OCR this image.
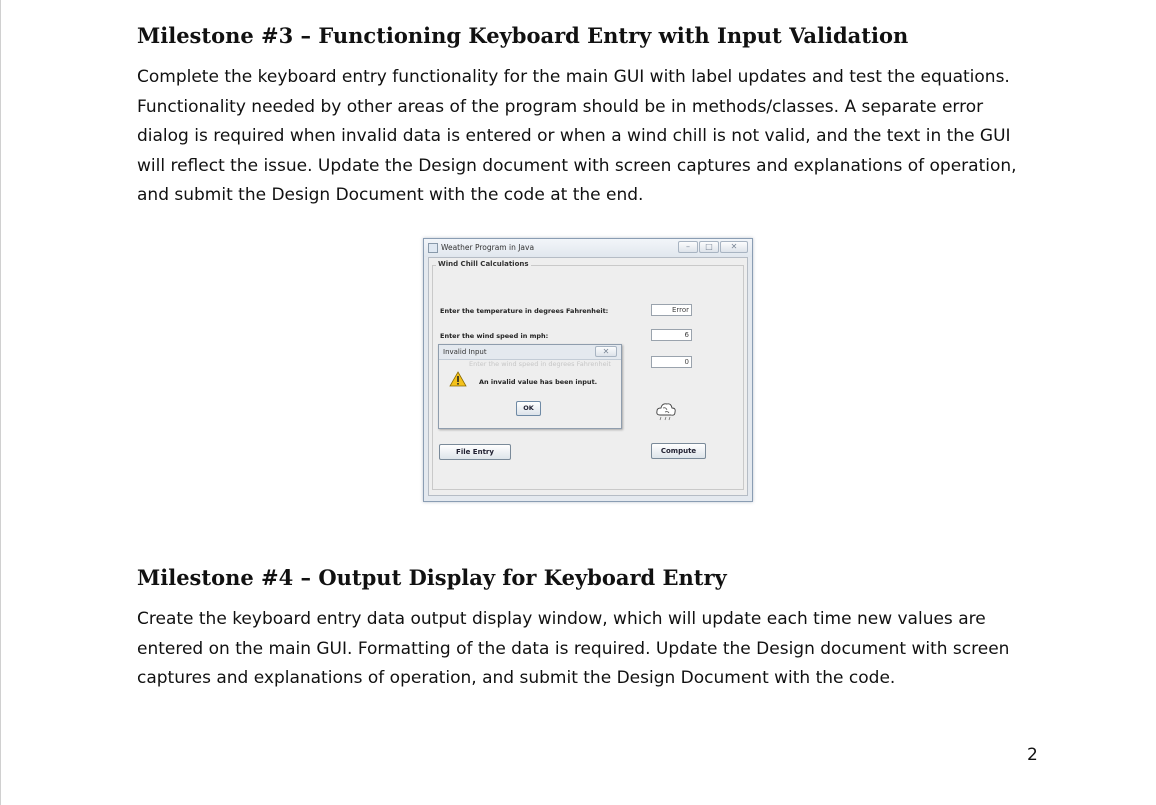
Milestone #3 – Functioning Keyboard Entry with Input Validation

Complete the keyboard entry functionality for the main GUI with label updates and test the equations.
Functionality needed by other areas of the program should be in methods/classes. A separate error
dialog is required when invalid data is entered or when a wind chill is not valid, and the text in the GUI
will reflect the issue. Update the Design document with screen captures and explanations of operation,
and submit the Design Document with the code at the end.

Weather Program in Java	–	□	✕
Wind Chill Calculations
Enter the temperature in degrees Fahrenheit:	Error
Enter the wind speed in mph:	6
0
File Entry	Compute
Invalid Input	✕
Enter the wind speed in degrees Fahrenheit
An invalid value has been input.
OK
Milestone #4 – Output Display for Keyboard Entry

Create the keyboard entry data output display window, which will update each time new values are
entered on the main GUI. Formatting of the data is required. Update the Design document with screen
captures and explanations of operation, and submit the Design Document with the code.

2
